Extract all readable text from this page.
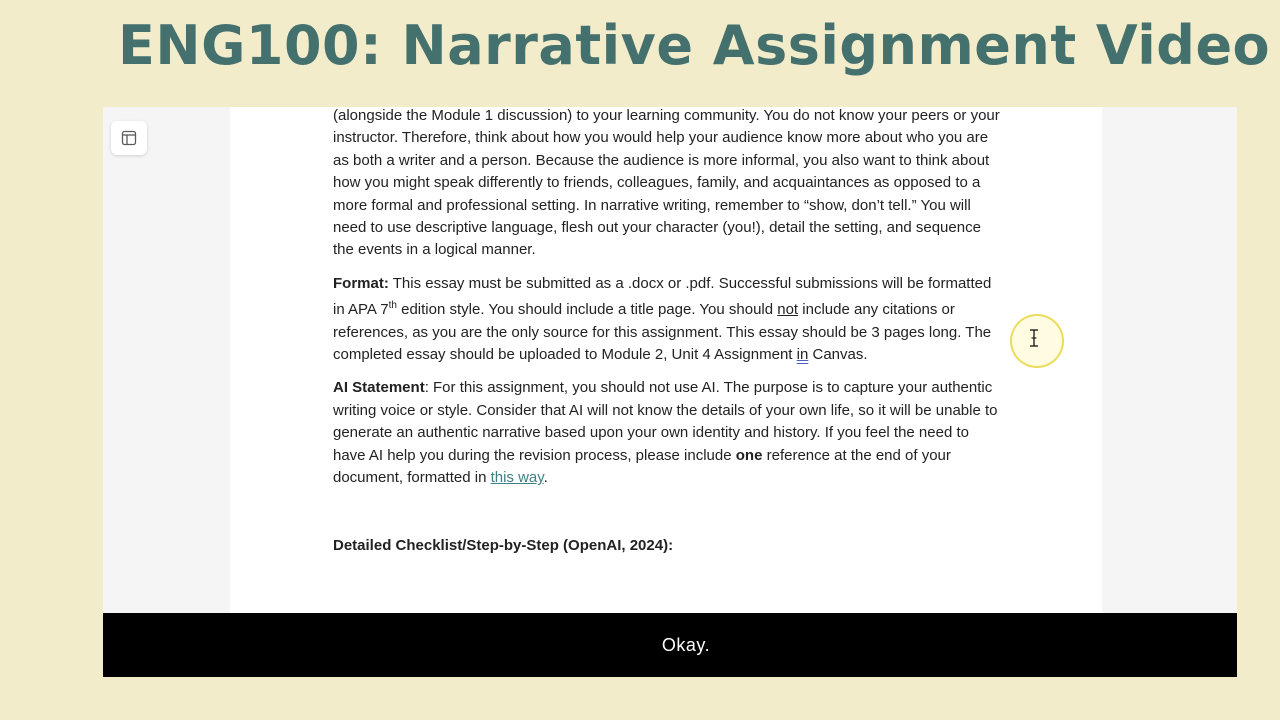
ENG100: Narrative Assignment Video

(alongside the Module 1 discussion) to your learning community. You do not know your peers or your instructor. Therefore, think about how you would help your audience know more about who you are as both a writer and a person. Because the audience is more informal, you also want to think about how you might speak differently to friends, colleagues, family, and acquaintances as opposed to a more formal and professional setting. In narrative writing, remember to “show, don’t tell.” You will need to use descriptive language, flesh out your character (you!), detail the setting, and sequence the events in a logical manner.

Format: This essay must be submitted as a .docx or .pdf. Successful submissions will be formatted in APA 7th edition style. You should include a title page. You should not include any citations or references, as you are the only source for this assignment. This essay should be 3 pages long. The completed essay should be uploaded to Module 2, Unit 4 Assignment in Canvas.

AI Statement: For this assignment, you should not use AI. The purpose is to capture your authentic writing voice or style. Consider that AI will not know the details of your own life, so it will be unable to generate an authentic narrative based upon your own identity and history. If you feel the need to have AI help you during the revision process, please include one reference at the end of your document, formatted in this way.

Detailed Checklist/Step-by-Step (OpenAI, 2024):

Okay.
